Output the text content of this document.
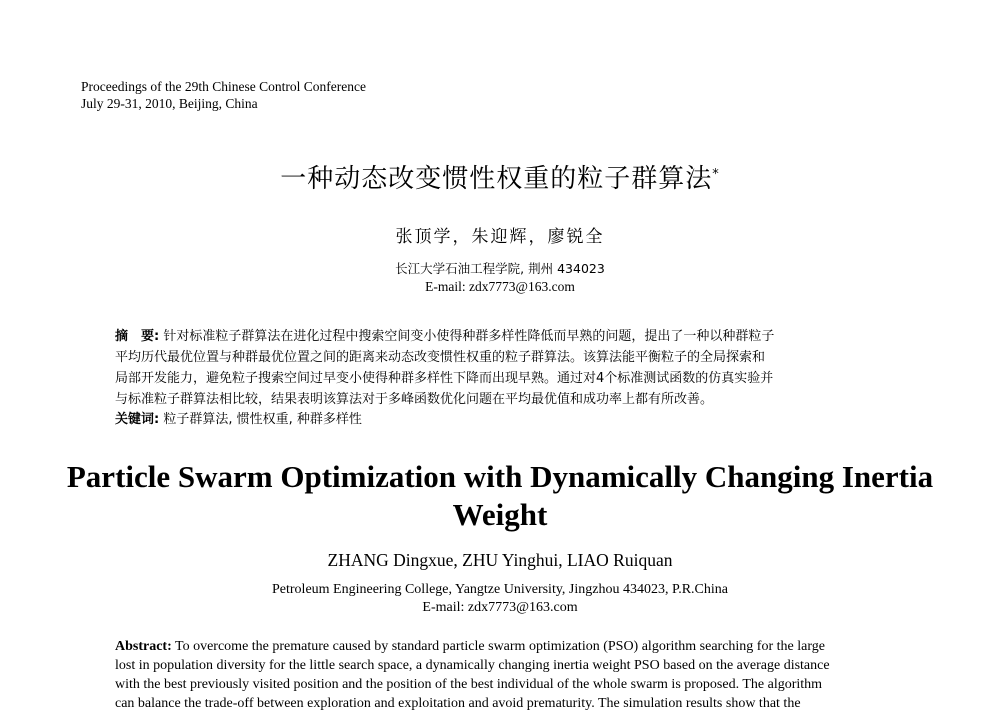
Proceedings of the 29th Chinese Control Conference
July 29-31, 2010, Beijing, China
一种动态改变惯性权重的粒子群算法*
张顶学，朱迎辉，廖锐全
长江大学石油工程学院, 荆州 434023
E-mail: zdx7773@163.com
摘　要: 针对标准粒子群算法在进化过程中搜索空间变小使得种群多样性降低而早熟的问题，提出了一种以种群粒子
平均历代最优位置与种群最优位置之间的距离来动态改变惯性权重的粒子群算法。该算法能平衡粒子的全局探索和
局部开发能力，避免粒子搜索空间过早变小使得种群多样性下降而出现早熟。通过对4个标准测试函数的仿真实验并
与标准粒子群算法相比较，结果表明该算法对于多峰函数优化问题在平均最优值和成功率上都有所改善。
关键词: 粒子群算法, 惯性权重, 种群多样性
Particle Swarm Optimization with Dynamically Changing Inertia
Weight
ZHANG Dingxue, ZHU Yinghui, LIAO Ruiquan
Petroleum Engineering College, Yangtze University, Jingzhou 434023, P.R.China
E-mail: zdx7773@163.com
Abstract: To overcome the premature caused by standard particle swarm optimization (PSO) algorithm searching for the large
lost in population diversity for the little search space, a dynamically changing inertia weight PSO based on the average distance
with the best previously visited position and the position of the best individual of the whole swarm is proposed. The algorithm
can balance the trade-off between exploration and exploitation and avoid prematurity. The simulation results show that the
